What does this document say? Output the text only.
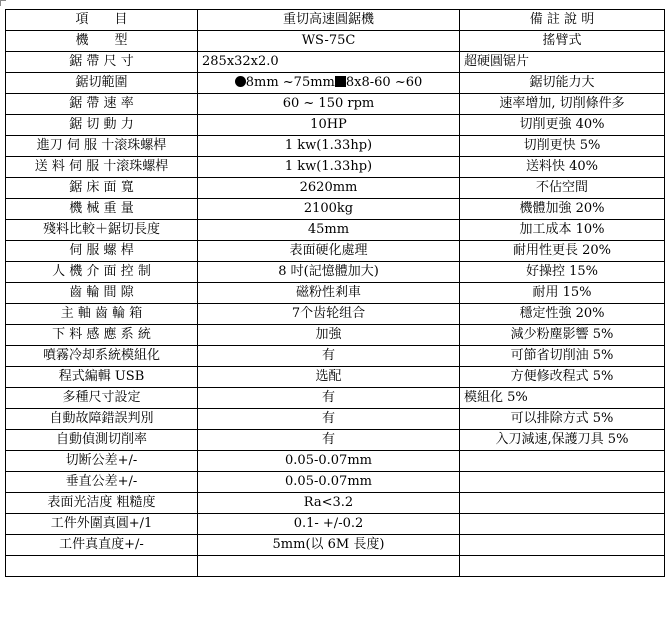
項　　目	重切高速圓鋸機	備 註 說 明
機　　型	WS-75C	搖臂式
鋸 帶 尺 寸	285x32x2.0	超硬圓锯片
鋸切範圍	8mm ~75mm 8x8-60 ~60	鋸切能力大
鋸 帶 速 率	60 ~ 150 rpm	速率增加, 切削條件多
鋸 切 動 力	10HP	切削更強 40%
進刀 伺 服 十滚珠螺桿	1 kw(1.33hp)	切削更快 5%
送 料 伺 服 十滚珠螺桿	1 kw(1.33hp)	送料快 40%
鋸 床 面 寬	2620mm	不佔空間
機 械 重 量	2100kg	機體加強 20%
殘料比較＋鋸切長度	45mm	加工成本 10%
伺 服 螺 桿	表面硬化處理	耐用性更長 20%
人 機 介 面 控 制	8 吋(記憶體加大)	好操控 15%
齒 輪 間 隙	磁粉性剎車	耐用 15%
主 軸 齒 輪 箱	7个齿轮组合	穩定性強 20%
下 料 感 應 系 統	加強	減少粉塵影響 5%
噴霧冷却系統模組化	有	可節省切削油 5%
程式編輯 USB	选配	方便修改程式 5%
多種尺寸設定	有	模組化 5%
自動故障錯誤判別	有	可以排除方式 5%
自動偵測切削率	有	入刀減速,保護刀具 5%
切断公差+/-	0.05-0.07mm	
垂直公差+/-	0.05-0.07mm	
表面光洁度 粗糙度	Ra<3.2	
工件外圍真圓+/1	0.1- +/-0.2	
工件真直度+/-	5mm(以 6M 長度)	
